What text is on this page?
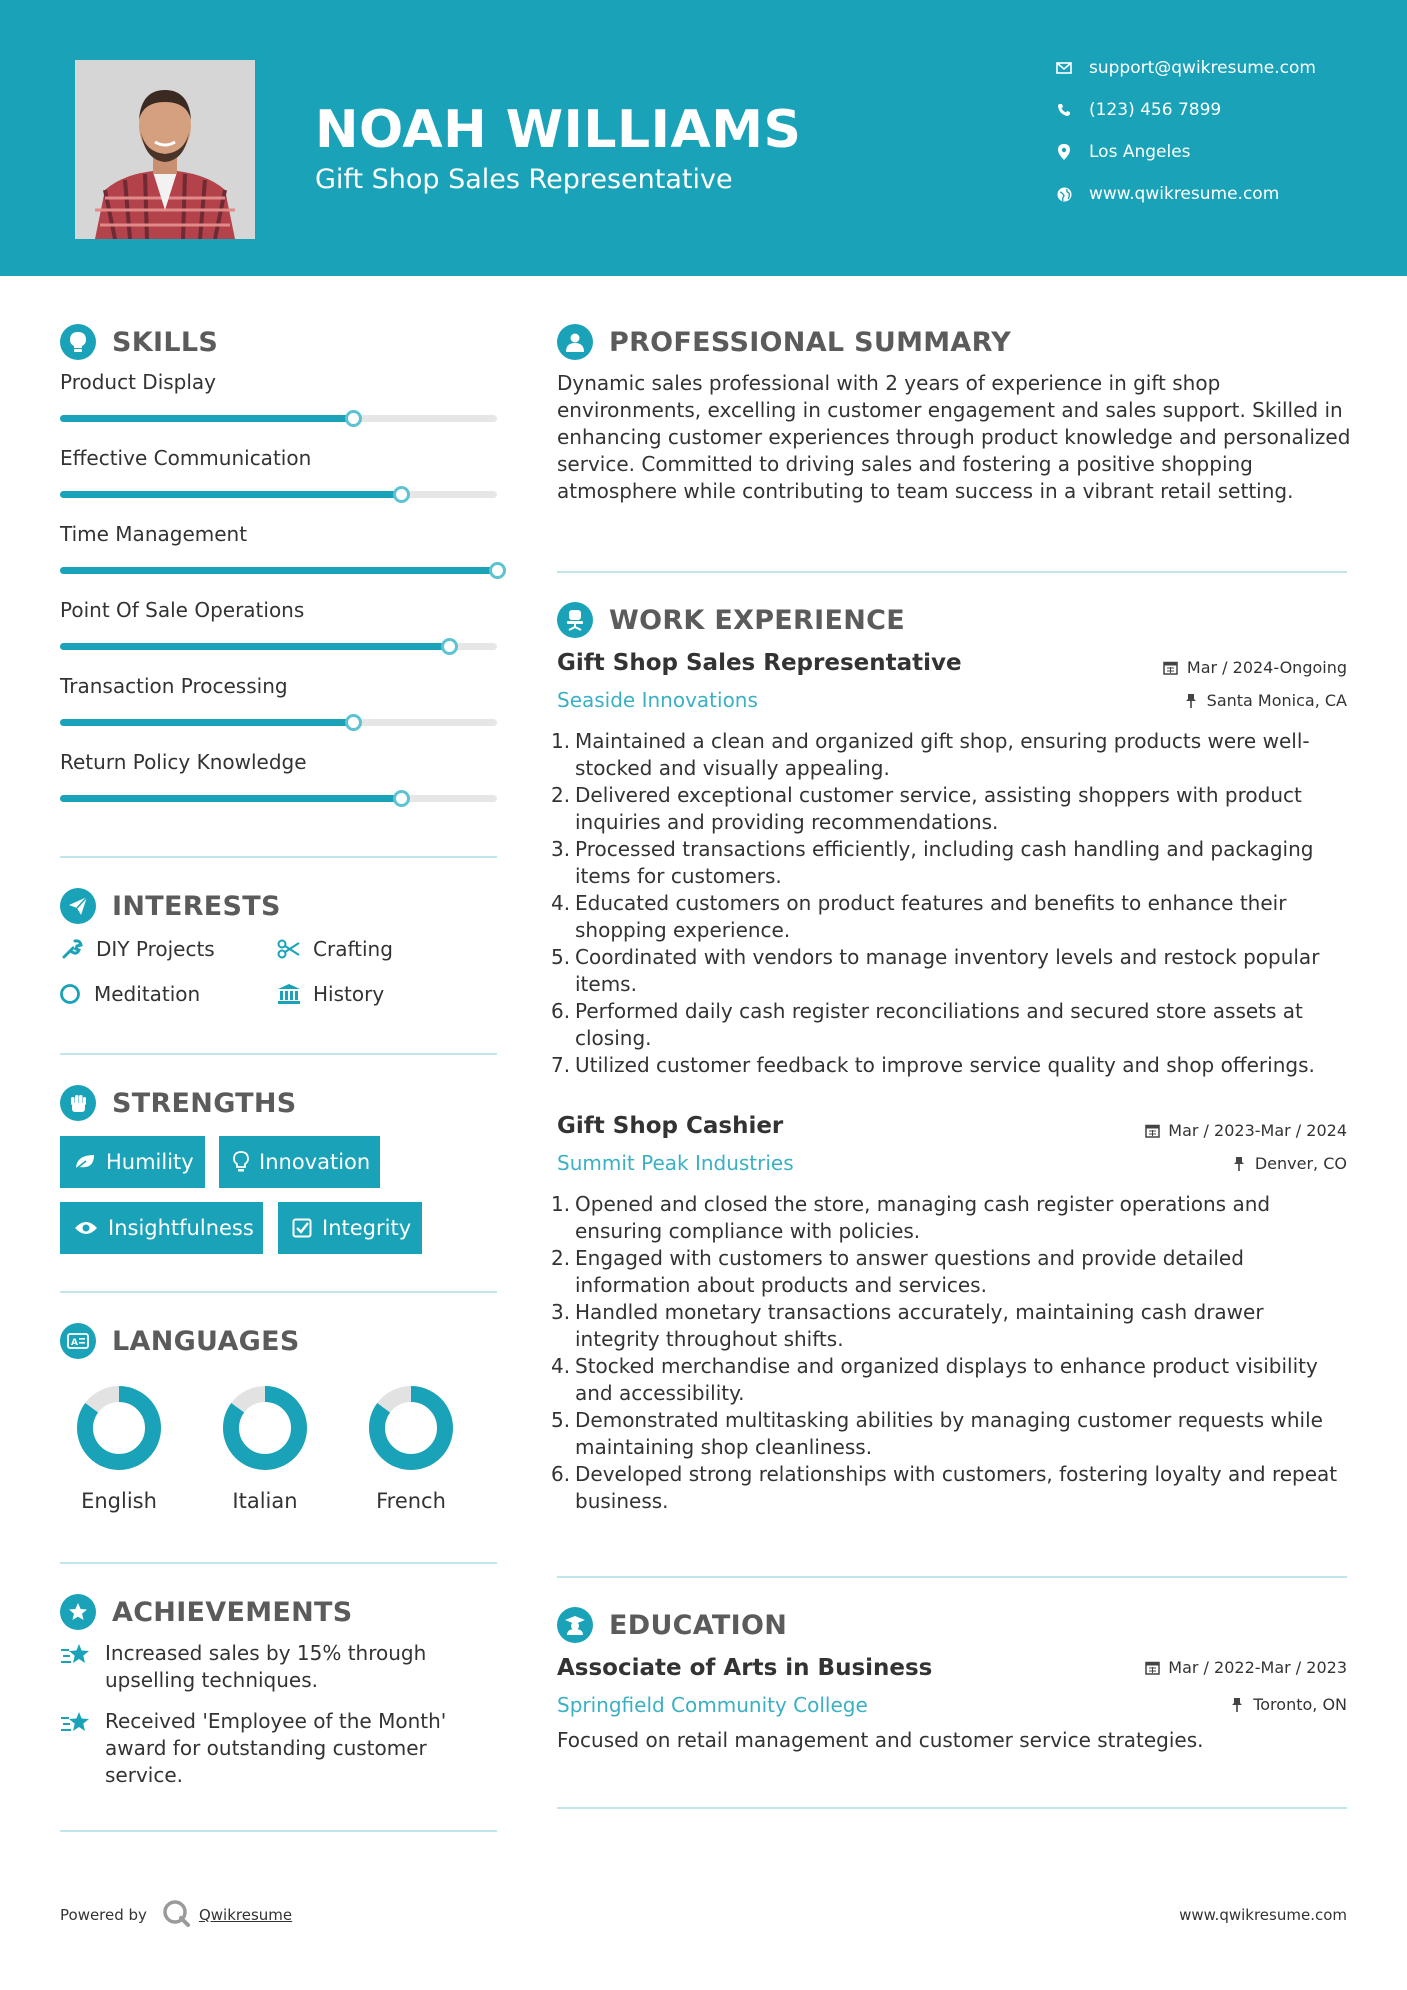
NOAH WILLIAMS
Gift Shop Sales Representative
support@qwikresume.com
(123) 456 7899
Los Angeles
www.qwikresume.com
SKILLS
Product Display
Effective Communication
Time Management
Point Of Sale Operations
Transaction Processing
Return Policy Knowledge
INTERESTS
DIY Projects	Crafting
Meditation	History
STRENGTHS
Humility	Innovation
Insightfulness	Integrity
A LANGUAGES
English	Italian	French
ACHIEVEMENTS
Increased sales by 15% through upselling techniques.
Received 'Employee of the Month' award for outstanding customer service.
PROFESSIONAL SUMMARY
Dynamic sales professional with 2 years of experience in gift shop environments, excelling in customer engagement and sales support. Skilled in enhancing customer experiences through product knowledge and personalized service. Committed to driving sales and fostering a positive shopping atmosphere while contributing to team success in a vibrant retail setting.
WORK EXPERIENCE
Gift Shop Sales Representative	Mar / 2024-Ongoing
Seaside Innovations	Santa Monica, CA
1. Maintained a clean and organized gift shop, ensuring products were well-stocked and visually appealing.
2. Delivered exceptional customer service, assisting shoppers with product inquiries and providing recommendations.
3. Processed transactions efficiently, including cash handling and packaging items for customers.
4. Educated customers on product features and benefits to enhance their shopping experience.
5. Coordinated with vendors to manage inventory levels and restock popular items.
6. Performed daily cash register reconciliations and secured store assets at closing.
7. Utilized customer feedback to improve service quality and shop offerings.
Gift Shop Cashier	Mar / 2023-Mar / 2024
Summit Peak Industries	Denver, CO
1. Opened and closed the store, managing cash register operations and ensuring compliance with policies.
2. Engaged with customers to answer questions and provide detailed information about products and services.
3. Handled monetary transactions accurately, maintaining cash drawer integrity throughout shifts.
4. Stocked merchandise and organized displays to enhance product visibility and accessibility.
5. Demonstrated multitasking abilities by managing customer requests while maintaining shop cleanliness.
6. Developed strong relationships with customers, fostering loyalty and repeat business.
EDUCATION
Associate of Arts in Business	Mar / 2022-Mar / 2023
Springfield Community College	Toronto, ON
Focused on retail management and customer service strategies.
Powered by	Qwikresume	www.qwikresume.com
